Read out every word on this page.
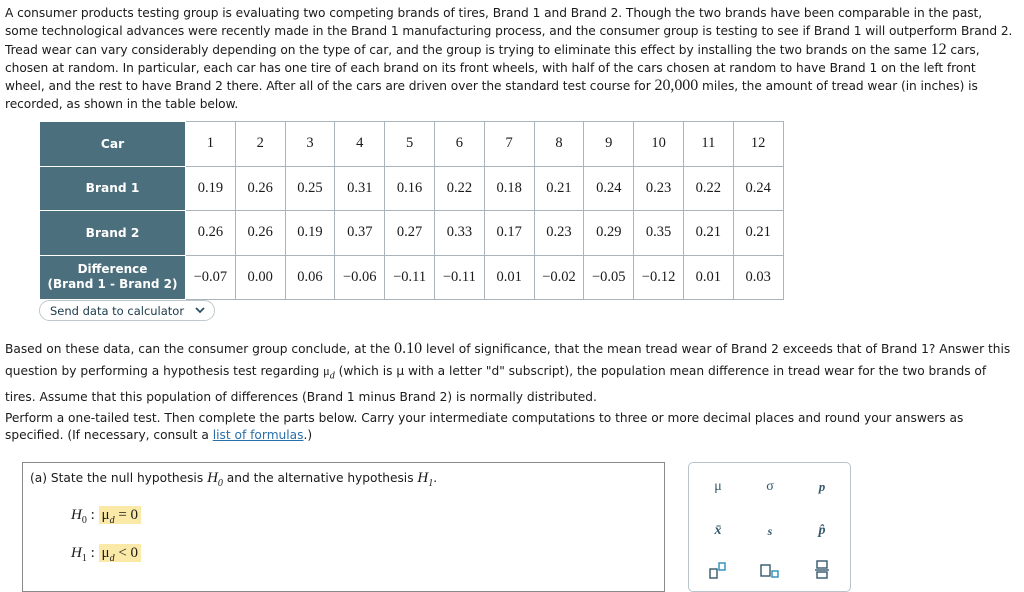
A consumer products testing group is evaluating two competing brands of tires, Brand 1 and Brand 2. Though the two brands have been comparable in the past, some technological advances were recently made in the Brand 1 manufacturing process, and the consumer group is testing to see if Brand 1 will outperform Brand 2. Tread wear can vary considerably depending on the type of car, and the group is trying to eliminate this effect by installing the two brands on the same 12 cars, chosen at random. In particular, each car has one tire of each brand on its front wheels, with half of the cars chosen at random to have Brand 1 on the left front wheel, and the rest to have Brand 2 there. After all of the cars are driven over the standard test course for 20,000 miles, the amount of tread wear (in inches) is recorded, as shown in the table below.
Car	1	2	3	4	5	6	7	8	9	10	11	12
Brand 1	0.19	0.26	0.25	0.31	0.16	0.22	0.18	0.21	0.24	0.23	0.22	0.24
Brand 2	0.26	0.26	0.19	0.37	0.27	0.33	0.17	0.23	0.29	0.35	0.21	0.21

Difference
(Brand 1 - Brand 2)	−0.07	0.00	0.06	−0.06	−0.11	−0.11	0.01	−0.02	−0.05	−0.12	0.01	0.03
Send data to calculator
Based on these data, can the consumer group conclude, at the 0.10 level of significance, that the mean tread wear of Brand 2 exceeds that of Brand 1? Answer this question by performing a hypothesis test regarding $\mu_d$ (which is μ with a letter "d" subscript), the population mean difference in tread wear for the two brands of tires. Assume that this population of differences (Brand 1 minus Brand 2) is normally distributed.
Perform a one-tailed test. Then complete the parts below. Carry your intermediate computations to three or more decimal places and round your answers as specified. (If necessary, consult a list of formulas.)
(a) State the null hypothesis $H_0$ and the alternative hypothesis $H_1$.
$H_0$ : $\mu_d = 0$
$H_1$ : $\mu_d < 0$
μ	σ	p
x̄	s	p̂
